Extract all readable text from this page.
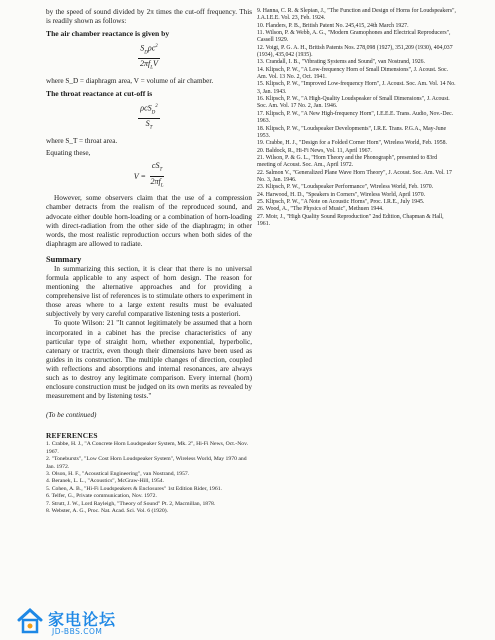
by the speed of sound divided by 2π times the cut-off frequency. This is readily shown as follows:

The air chamber reactance is given by

$\frac{S_D\rho c^2}{2\pi f_LV}$

where S_D = diaphragm area, V = volume of air chamber.

The throat reactance at cut-off is

$\frac{\rho cS_D^2}{S_T}$

where S_T = throat area.

Equating these,

$V = \frac{cS_T}{2\pi f_L}$

However, some observers claim that the use of a compression chamber detracts from the realism of the reproduced sound, and advocate either double horn-loading or a combination of horn-loading with direct-radiation from the other side of the diaphragm; in other words, the most realistic reproduction occurs when both sides of the diaphragm are allowed to radiate.

Summary

In summarizing this section, it is clear that there is no universal formula applicable to any aspect of horn design. The reason for mentioning the alternative approaches and for providing a comprehensive list of references is to stimulate others to experiment in those areas where to a large extent results must be evaluated subjectively by very careful comparative listening tests a posteriori.

To quote Wilson: 21 "It cannot legitimately be assumed that a horn incorporated in a cabinet has the precise characteristics of any particular type of straight horn, whether exponential, hyperbolic, catenary or tractrix, even though their dimensions have been used as guides in its construction. The multiple changes of direction, coupled with reflections and absorptions and internal resonances, are always such as to destroy any legitimate comparison. Every internal (horn) enclosure construction must be judged on its own merits as revealed by measurement and by listening tests."

(To be continued)

REFERENCES

1. Crabbe, H. J., "A Concrete Horn Loudspeaker System, Mk. 2", Hi-Fi News, Oct.-Nov. 1967.

2. "Tonebursts", "Low Cost Horn Loudspeaker System", Wireless World, May 1970 and Jan. 1972.

3. Olson, H. F., "Acoustical Engineering", van Nostrand, 1957.

4. Beranek, L. L., "Acoustics", McGraw-Hill, 1954.

5. Cohen, A. B., "Hi-Fi Loudspeakers & Enclosures" 1st Edition Rider, 1961.

6. Telfer, G., Private communication, Nov. 1972.

7. Strutt, J. W., Lord Rayleigh, "Theory of Sound" Pt. 2, Macmillan, 1878.

8. Webster, A. G., Proc. Nat. Acad. Sci. Vol. 6 (1920).

9. Hanna, C. R. & Slepian, J., "The Function and Design of Horns for Loudspeakers", J.A.I.E.E. Vol. 23, Feb. 1924.

10. Flanders, P. B., British Patent No. 245,415, 24th March 1927.

11. Wilson, P. & Webb, A. G., "Modern Gramophones and Electrical Reproducers", Cassell 1929.

12. Voigt, P. G. A. H., British Patents Nos. 278,098 (1927), 351,209 (1930), 404,037 (1934), 435,042 (1935).

13. Crandall, I. B., "Vibrating Systems and Sound", van Nostrand, 1926.

14. Klipsch, P. W., "A Low-frequency Horn of Small Dimensions", J. Acoust. Soc. Am. Vol. 13 No. 2, Oct. 1941.

15. Klipsch, P. W., "Improved Low-frequency Horn", J. Acoust. Soc. Am. Vol. 14 No. 3, Jan. 1943.

16. Klipsch, P. W., "A High-Quality Loudspeaker of Small Dimensions", J. Acoust. Soc. Am. Vol. 17 No. 2, Jan. 1946.

17. Klipsch, P. W., "A New High-frequency Horn", I.E.E.E. Trans. Audio, Nov.-Dec. 1963.

18. Klipsch, P. W., "Loudspeaker Developments", I.R.E. Trans. P.G.A., May-June 1953.

19. Crabbe, H. J., "Design for a Folded Corner Horn", Wireless World, Feb. 1958.

20. Baldock, R., Hi-Fi News, Vol. 11, April 1967.

21. Wilson, P. & G. L., "Horn Theory and the Phonograph", presented to 83rd meeting of Acoust. Soc. Am., April 1972.

22. Salmon V., "Generalized Plane Wave Horn Theory", J. Acoust. Soc. Am. Vol. 17 No. 3, Jan. 1946.

23. Klipsch, P. W., "Loudspeaker Performance", Wireless World, Feb. 1970.

24. Harwood, H. D., "Speakers in Corners", Wireless World, April 1970.

25. Klipsch, P. W., "A Note on Acoustic Horns", Proc. I.R.E., July 1945.

26. Wood, A., "The Physics of Music", Methuen 1944.

27. Moir, J., "High Quality Sound Reproduction" 2nd Edition, Chapman & Hall, 1961.

家电论坛
JD-BBS.COM
